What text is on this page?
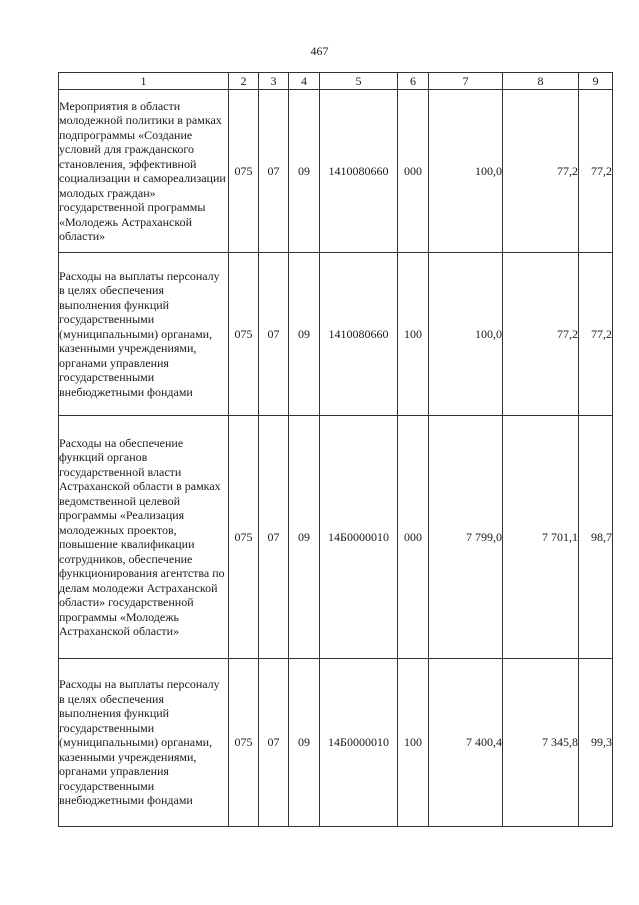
467
1	2	3	4	5	6	7	8	9
Мероприятия в области молодежной политики в рамках подпрограммы «Создание условий для гражданского становления, эффективной социализации и самореализации молодых граждан» государственной программы «Молодежь Астраханской области»	075	07	09	1410080660	000	100,0	77,2	77,2
Расходы на выплаты персоналу в целях обеспечения выполнения функций государственными (муниципальными) органами, казенными учреждениями, органами управления государственными внебюджетными фондами	075	07	09	1410080660	100	100,0	77,2	77,2
Расходы на обеспечение функций органов государственной власти Астраханской области в рамках ведомственной целевой программы «Реализация молодежных проектов, повышение квалификации сотрудников, обеспечение функционирования агентства по делам молодежи Астраханской области» государственной программы «Молодежь Астраханской области»	075	07	09	14Б0000010	000	7 799,0	7 701,1	98,7
Расходы на выплаты персоналу в целях обеспечения выполнения функций государственными (муниципальными) органами, казенными учреждениями, органами управления государственными внебюджетными фондами	075	07	09	14Б0000010	100	7 400,4	7 345,8	99,3
